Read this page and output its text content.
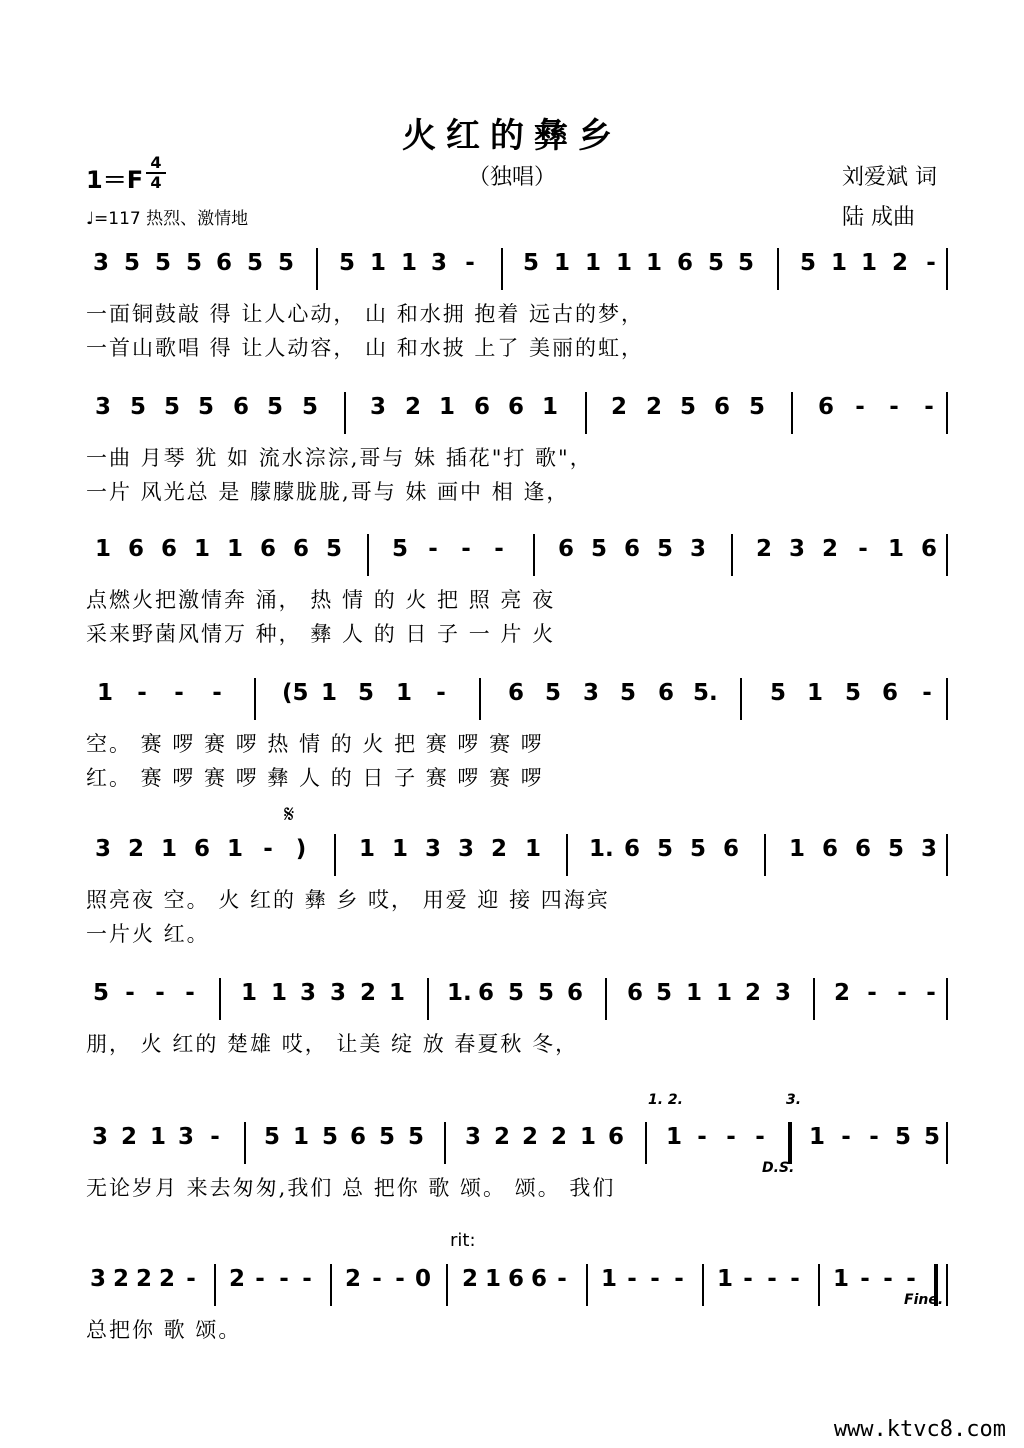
火红的彝乡
1＝F
4
4	（独唱）	刘爱斌 词
陆 成曲
♩=117 热烈、激情地
𝄋
www.ktvc8.com
3 5 5 5 6 5 5 5 1 1 3 - 5 1 1 1 1 6 5 5 5 1 1 2 -
一面铜鼓敲 得 让人心动， 山 和水拥 抱着 远古的梦，
一首山歌唱 得 让人动容， 山 和水披 上了 美丽的虹，
3 5 5 5 6 5 5 3 2 1 6 6 1 2 2 5 6 5 6 - - -
一曲 月琴 犹 如 流水淙淙,哥与 妹 插花"打 歌"，
一片 风光总 是 朦朦胧胧,哥与 妹 画中 相 逢，
1 6 6 1 1 6 6 5 5 - - - 6 5 6 5 3 2 3 2 - 1 6
点燃火把激情奔 涌， 热 情 的 火 把 照 亮 夜
采来野菌风情万 种， 彝 人 的 日 子 一 片 火
1 - - -	(5 1 5 1 -	6 5 3 5 6 5. 5 1 5 6 -
空。 赛 啰 赛 啰 热 情 的 火 把 赛 啰 赛 啰
红。 赛 啰 赛 啰 彝 人 的 日 子 赛 啰 赛 啰
3 2 1 6 1 - ) 1 1 3 3 2 1 1. 6 5 5 6 1 6 6 5 3
照亮夜 空。 火 红的 彝 乡 哎， 用爱 迎 接 四海宾
一片火 红。
5 - - - 1 1 3 3 2 1 1. 6 5 5 6 6 5 1 1 2 3 2 - - -
朋， 火 红的 楚雄 哎， 让美 绽 放 春夏秋 冬，
3 2 1 3 - 5 1 5 6 5 5 3 2 2 2 1 6 1 - - - 1 - - 5 5
无论岁月 来去匆匆,我们 总 把你 歌 颂。 颂。 我们
1. 2.	3.
D.S.
3 2 2 2 - 2 - - - 2 - - 0 2 1 6 6 - 1 - - - 1 - - - 1 - - -
总把你 歌 颂。
rit:
Fine.
